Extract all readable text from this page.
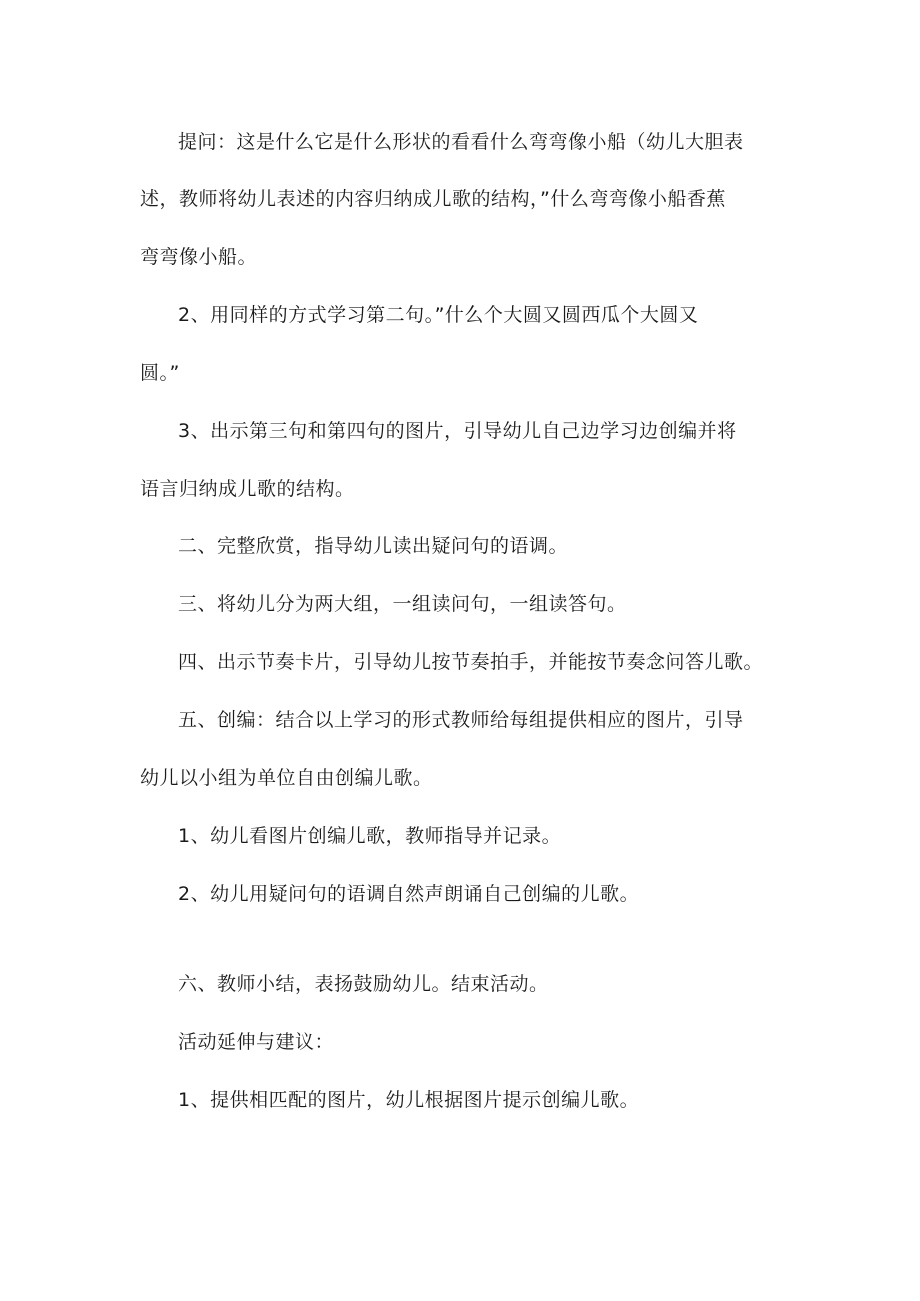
提问：这是什么它是什么形状的看看什么弯弯像小船（幼儿大胆表
述，教师将幼儿表述的内容归纳成儿歌的结构，”什么弯弯像小船香蕉
弯弯像小船。
2、用同样的方式学习第二句。”什么个大圆又圆西瓜个大圆又
圆。”
3、出示第三句和第四句的图片，引导幼儿自己边学习边创编并将
语言归纳成儿歌的结构。
二、完整欣赏，指导幼儿读出疑问句的语调。
三、将幼儿分为两大组，一组读问句，一组读答句。
四、出示节奏卡片，引导幼儿按节奏拍手，并能按节奏念问答儿歌。
五、创编：结合以上学习的形式教师给每组提供相应的图片，引导
幼儿以小组为单位自由创编儿歌。
1、幼儿看图片创编儿歌，教师指导并记录。
2、幼儿用疑问句的语调自然声朗诵自己创编的儿歌。
六、教师小结，表扬鼓励幼儿。结束活动。
活动延伸与建议：
1、提供相匹配的图片，幼儿根据图片提示创编儿歌。
